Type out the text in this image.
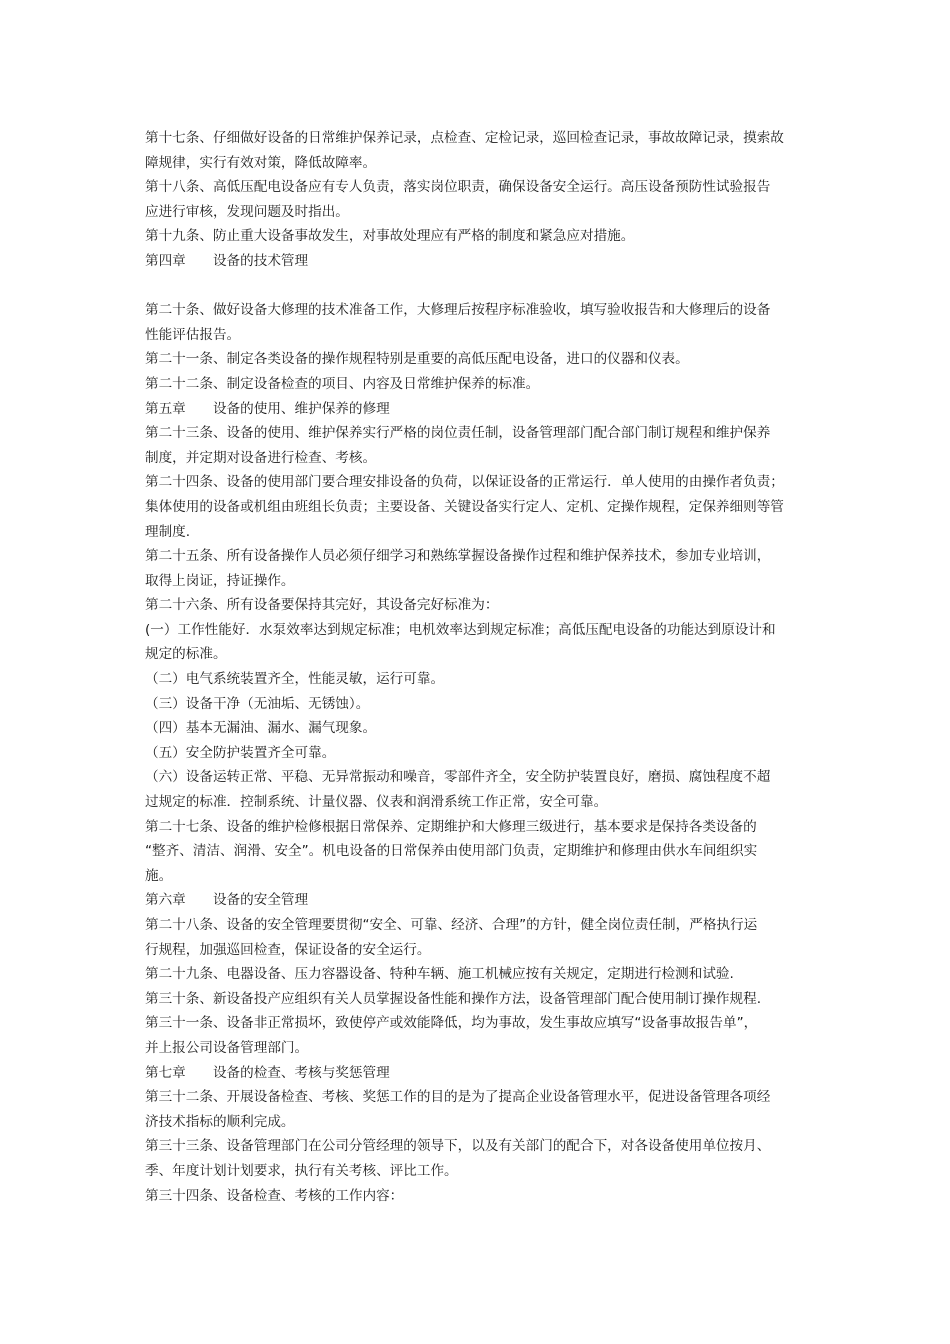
第十七条、仔细做好设备的日常维护保养记录，点检查、定检记录，巡回检查记录，事故故障记录，摸索故
障规律，实行有效对策，降低故障率。
第十八条、高低压配电设备应有专人负责，落实岗位职责，确保设备安全运行。高压设备预防性试验报告
应进行审核，发现问题及时指出。
第十九条、防止重大设备事故发生，对事故处理应有严格的制度和紧急应对措施。
第四章　　设备的技术管理
第二十条、做好设备大修理的技术准备工作，大修理后按程序标准验收，填写验收报告和大修理后的设备
性能评估报告。
第二十一条、制定各类设备的操作规程特别是重要的高低压配电设备，进口的仪器和仪表。
第二十二条、制定设备检查的项目、内容及日常维护保养的标准。
第五章　　设备的使用、维护保养的修理
第二十三条、设备的使用、维护保养实行严格的岗位责任制，设备管理部门配合部门制订规程和维护保养
制度，并定期对设备进行检查、考核。
第二十四条、设备的使用部门要合理安排设备的负荷，以保证设备的正常运行．单人使用的由操作者负责；
集体使用的设备或机组由班组长负责；主要设备、关键设备实行定人、定机、定操作规程，定保养细则等管
理制度.
第二十五条、所有设备操作人员必须仔细学习和熟练掌握设备操作过程和维护保养技术，参加专业培训，
取得上岗证，持证操作。
第二十六条、所有设备要保持其完好，其设备完好标准为：
(一）工作性能好．水泵效率达到规定标准；电机效率达到规定标准；高低压配电设备的功能达到原设计和
规定的标准。
（二）电气系统装置齐全，性能灵敏，运行可靠。
（三）设备干净（无油垢、无锈蚀）。
（四）基本无漏油、漏水、漏气现象。
（五）安全防护装置齐全可靠。
（六）设备运转正常、平稳、无异常振动和噪音，零部件齐全，安全防护装置良好，磨损、腐蚀程度不超
过规定的标准．控制系统、计量仪器、仪表和润滑系统工作正常，安全可靠。
第二十七条、设备的维护检修根据日常保养、定期维护和大修理三级进行，基本要求是保持各类设备的
“整齐、清洁、润滑、安全”。机电设备的日常保养由使用部门负责，定期维护和修理由供水车间组织实
施。
第六章　　设备的安全管理
第二十八条、设备的安全管理要贯彻“安全、可靠、经济、合理”的方针，健全岗位责任制，严格执行运
行规程，加强巡回检查，保证设备的安全运行。
第二十九条、电器设备、压力容器设备、特种车辆、施工机械应按有关规定，定期进行检测和试验.
第三十条、新设备投产应组织有关人员掌握设备性能和操作方法，设备管理部门配合使用制订操作规程.
第三十一条、设备非正常损坏，致使停产或效能降低，均为事故，发生事故应填写“设备事故报告单”，
并上报公司设备管理部门。
第七章　　设备的检查、考核与奖惩管理
第三十二条、开展设备检查、考核、奖惩工作的目的是为了提高企业设备管理水平，促进设备管理各项经
济技术指标的顺利完成。
第三十三条、设备管理部门在公司分管经理的领导下，以及有关部门的配合下，对各设备使用单位按月、
季、年度计划计划要求，执行有关考核、评比工作。
第三十四条、设备检查、考核的工作内容：
